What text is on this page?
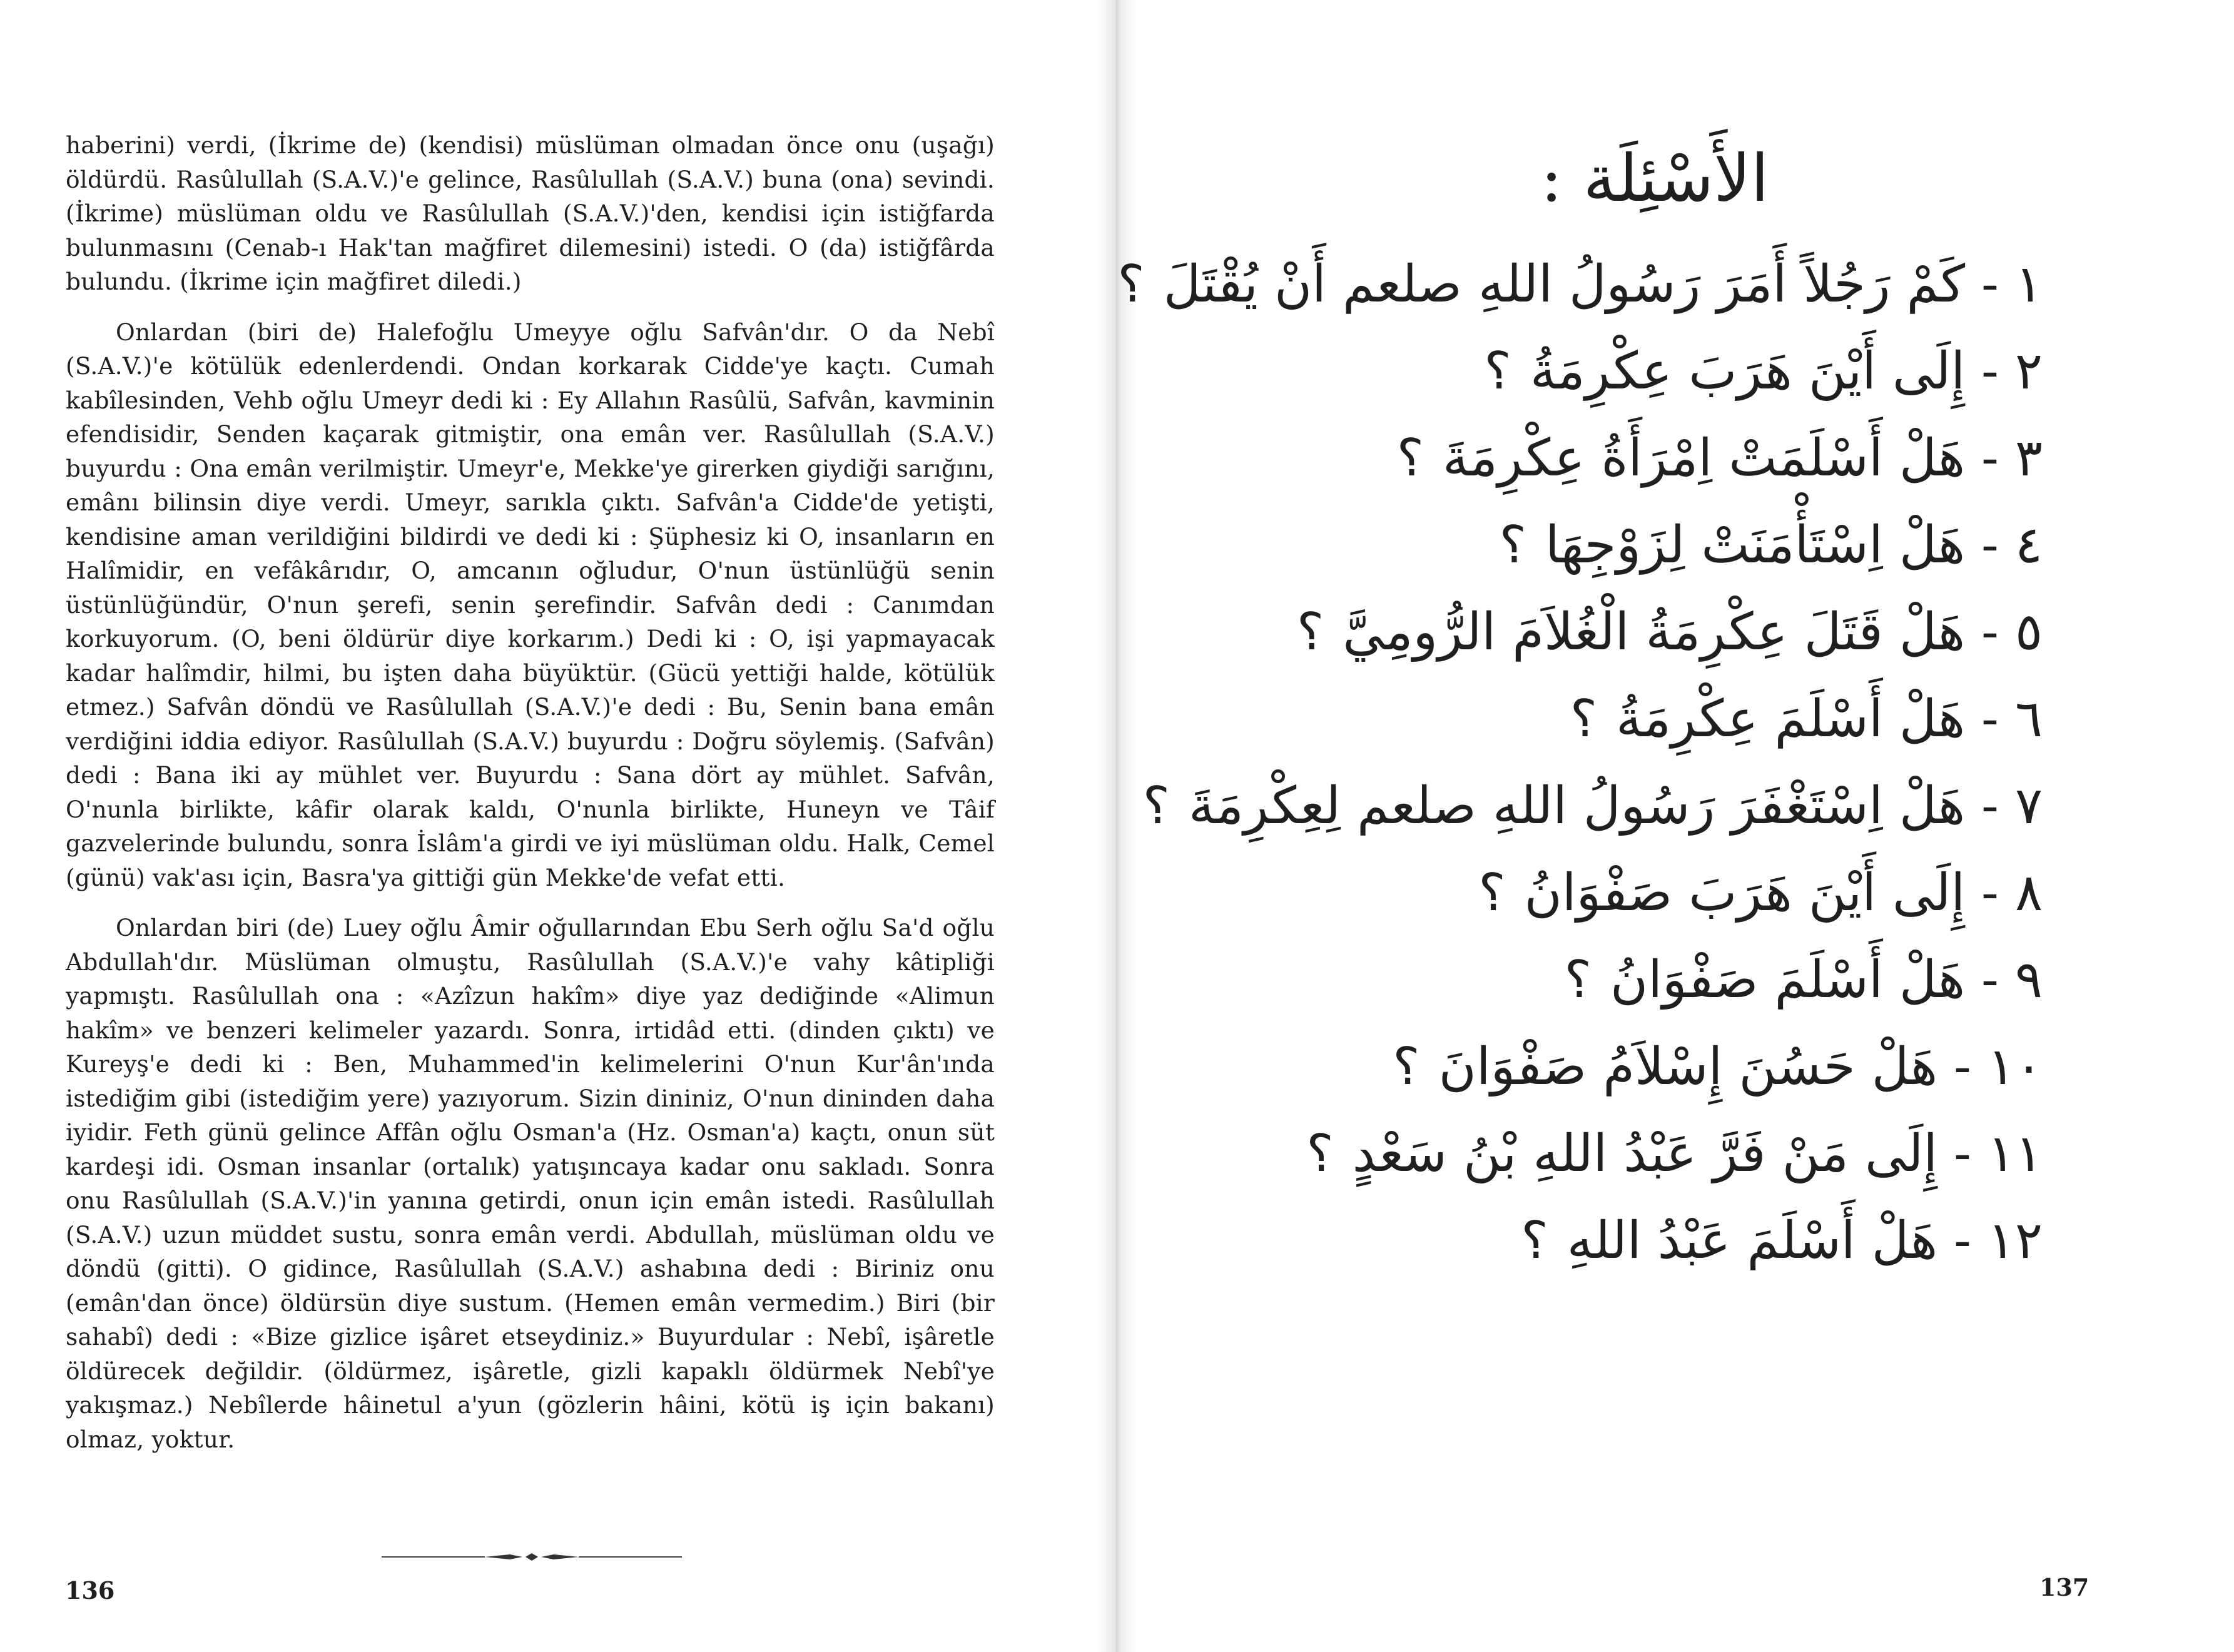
haberini) verdi, (İkrime de) (kendisi) müslüman olmadan önce onu (uşağı) öldürdü. Rasûlullah (S.A.V.)'e gelince, Rasûlullah (S.A.V.) buna (ona) sevindi. (İkrime) müslüman oldu ve Rasûlullah (S.A.V.)'den, kendisi için istiğfarda bulunmasını (Cenab-ı Hak'tan mağfiret dilemesini) istedi. O (da) istiğfârda bulundu. (İkrime için mağfiret diledi.)

Onlardan (biri de) Halefoğlu Umeyye oğlu Safvân'dır. O da Nebî (S.A.V.)'e kötülük edenlerdendi. Ondan korkarak Cidde'ye kaçtı. Cumah kabîlesinden, Vehb oğlu Umeyr dedi ki : Ey Allahın Rasûlü, Safvân, kavminin efendisidir, Senden kaçarak gitmiştir, ona emân ver. Rasûlullah (S.A.V.) buyurdu : Ona emân verilmiştir. Umeyr'e, Mekke'ye girerken giydiği sarığını, emânı bilinsin diye verdi. Umeyr, sarıkla çıktı. Safvân'a Cidde'de yetişti, kendisine aman verildiğini bildirdi ve dedi ki : Şüphesiz ki O, insanların en Halîmidir, en vefâkârıdır, O, amcanın oğludur, O'nun üstünlüğü senin üstünlüğündür, O'nun şerefi, senin şerefindir. Safvân dedi : Canımdan korkuyorum. (O, beni öldürür diye korkarım.) Dedi ki : O, işi yapmayacak kadar halîmdir, hilmi, bu işten daha büyüktür. (Gücü yettiği halde, kötülük etmez.) Safvân döndü ve Rasûlullah (S.A.V.)'e dedi : Bu, Senin bana emân verdiğini iddia ediyor. Rasûlullah (S.A.V.) buyurdu : Doğru söylemiş. (Safvân) dedi : Bana iki ay mühlet ver. Buyurdu : Sana dört ay mühlet. Safvân, O'nunla birlikte, kâfir olarak kaldı, O'nunla birlikte, Huneyn ve Tâif gazvelerinde bulundu, sonra İslâm'a girdi ve iyi müslüman oldu. Halk, Cemel (günü) vak'ası için, Basra'ya gittiği gün Mekke'de vefat etti.

Onlardan biri (de) Luey oğlu Âmir oğullarından Ebu Serh oğlu Sa'd oğlu Abdullah'dır. Müslüman olmuştu, Rasûlullah (S.A.V.)'e vahy kâtipliği yapmıştı. Rasûlullah ona : «Azîzun hakîm» diye yaz dediğinde «Alimun hakîm» ve benzeri kelimeler yazardı. Sonra, irtidâd etti. (dinden çıktı) ve Kureyş'e dedi ki : Ben, Muhammed'in kelimelerini O'nun Kur'ân'ında istediğim gibi (istediğim yere) yazıyorum. Sizin dininiz, O'nun dininden daha iyidir. Feth günü gelince Affân oğlu Osman'a (Hz. Osman'a) kaçtı, onun süt kardeşi idi. Osman insanlar (ortalık) yatışıncaya kadar onu sakladı. Sonra onu Rasûlullah (S.A.V.)'in yanına getirdi, onun için emân istedi. Rasûlullah (S.A.V.) uzun müddet sustu, sonra emân verdi. Abdullah, müslüman oldu ve döndü (gitti). O gidince, Rasûlullah (S.A.V.) ashabına dedi : Biriniz onu (emân'dan önce) öldürsün diye sustum. (Hemen emân vermedim.) Biri (bir sahabî) dedi : «Bize gizlice işâret etseydiniz.» Buyurdular : Nebî, işâretle öldürecek değildir. (öldürmez, işâretle, gizli kapaklı öldürmek Nebî'ye yakışmaz.) Nebîlerde hâinetul a'yun (gözlerin hâini, kötü iş için bakanı) olmaz, yoktur.

136
الأَسْئِلَة :
١ -كَمْ رَجُلاً أَمَرَ رَسُولُ اللهِ صلعم أَنْ يُقْتَلَ؟
٢ -إِلَى أَيْنَ هَرَبَ عِكْرِمَةُ؟
٣ -هَلْ أَسْلَمَتْ اِمْرَأَةُ عِكْرِمَةَ؟
٤ -هَلْ اِسْتَأْمَنَتْ لِزَوْجِهَا؟
٥ -هَلْ قَتَلَ عِكْرِمَةُ الْغُلاَمَ الرُّومِيَّ؟
٦ -هَلْ أَسْلَمَ عِكْرِمَةُ؟
٧ -هَلْ اِسْتَغْفَرَ رَسُولُ اللهِ صلعم لِعِكْرِمَةَ؟
٨ -إِلَى أَيْنَ هَرَبَ صَفْوَانُ؟
٩ -هَلْ أَسْلَمَ صَفْوَانُ؟
١٠ -هَلْ حَسُنَ إِسْلاَمُ صَفْوَانَ؟
١١ -إِلَى مَنْ فَرَّ عَبْدُ اللهِ بْنُ سَعْدٍ؟
١٢ -هَلْ أَسْلَمَ عَبْدُ اللهِ؟
137
